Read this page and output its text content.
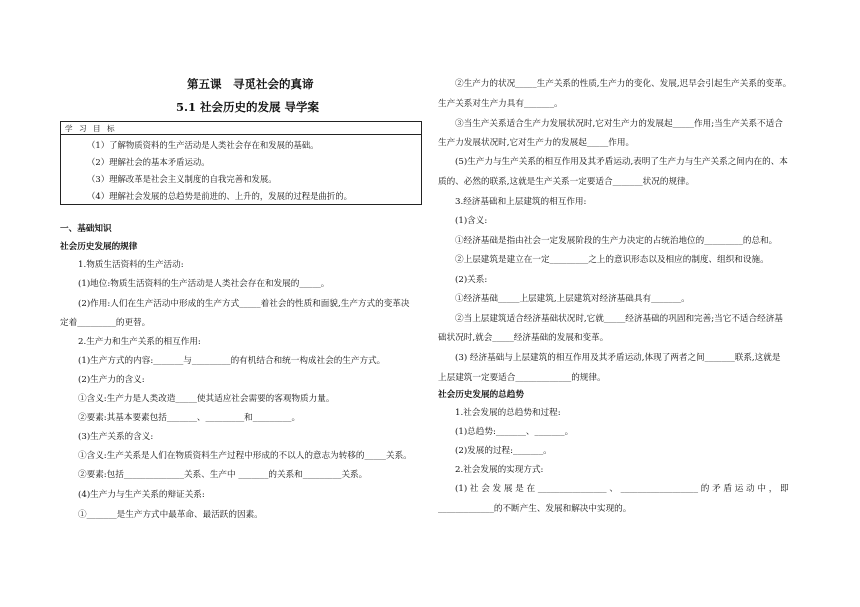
第五课　寻觅社会的真谛
5.1 社会历史的发展 导学案
学 习 目 标
（1）了解物质资料的生产活动是人类社会存在和发展的基础。
（2）理解社会的基本矛盾运动。
（3）理解改革是社会主义制度的自我完善和发展。
（4）理解社会发展的总趋势是前进的、上升的，发展的过程是曲折的。
一、基础知识
社会历史发展的规律
1.物质生活资料的生产活动:
(1)地位:物质生活资料的生产活动是人类社会存在和发展的_____。
(2)作用:人们在生产活动中形成的生产方式_____着社会的性质和面貌,生产方式的变革决
定着_________的更替。
2.生产力和生产关系的相互作用:
(1)生产方式的内容:_______与_________的有机结合和统一构成社会的生产方式。
(2)生产力的含义:
①含义:生产力是人类改造_____使其适应社会需要的客观物质力量。
②要素:其基本要素包括_______、_________和_________。
(3)生产关系的含义:
①含义:生产关系是人们在物质资料生产过程中形成的不以人的意志为转移的_____关系。
②要素:包括______________关系、生产中 _______的关系和_________关系。
(4)生产力与生产关系的辩证关系:
①_______是生产方式中最革命、最活跃的因素。
②生产力的状况_____生产关系的性质,生产力的变化、发展,迟早会引起生产关系的变革。
生产关系对生产力具有_______。
③当生产关系适合生产力发展状况时,它对生产力的发展起_____作用;当生产关系不适合
生产力发展状况时,它对生产力的发展起_____作用。
(5)生产力与生产关系的相互作用及其矛盾运动,表明了生产力与生产关系之间内在的、本
质的、必然的联系,这就是生产关系一定要适合_______状况的规律。
3.经济基础和上层建筑的相互作用:
(1)含义:
①经济基础是指由社会一定发展阶段的生产力决定的占统治地位的_________的总和。
②上层建筑是建立在一定_________之上的意识形态以及相应的制度、组织和设施。
(2)关系:
①经济基础_____上层建筑,上层建筑对经济基础具有_______。
②当上层建筑适合经济基础状况时,它就_____经济基础的巩固和完善;当它不适合经济基
础状况时,就会_____经济基础的发展和变革。
(3) 经济基础与上层建筑的相互作用及其矛盾运动,体现了两者之间_______联系,这就是
上层建筑一定要适合_____________的规律。
社会历史发展的总趋势
1.社会发展的总趋势和过程:
(1)总趋势:_______、_______。
(2)发展的过程:_______。
2.社会发展的实现方式:
(1) 社 会 发 展 是 在 ________________ 、 __________________ 的 矛 盾 运 动 中 ， 即
_____________的不断产生、发展和解决中实现的。
